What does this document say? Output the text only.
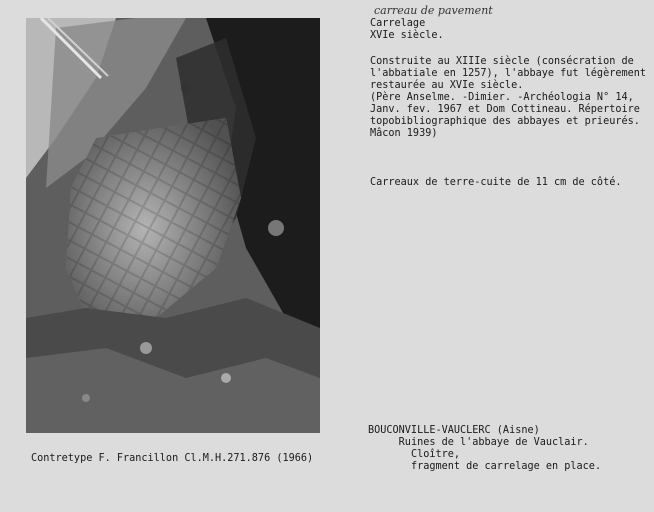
carreau de pavement
Carrelage
XVIe siècle.
Construite au XIIIe siècle (consécration de
l'abbatiale en 1257), l'abbaye fut légèrement
restaurée au XVIe siècle.
(Père Anselme. -Dimier. -Archéologia N° 14,
Janv. fev. 1967 et Dom Cottineau. Répertoire
topobibliographique des abbayes et prieurés.
Mâcon 1939)
Carreaux de terre-cuite de 11 cm de côté.
BOUCONVILLE-VAUCLERC (Aisne)
Ruines de l'abbaye de Vauclair.
Cloître,
fragment de carrelage en place.
Contretype F. Francillon Cl.M.H.271.876 (1966)
